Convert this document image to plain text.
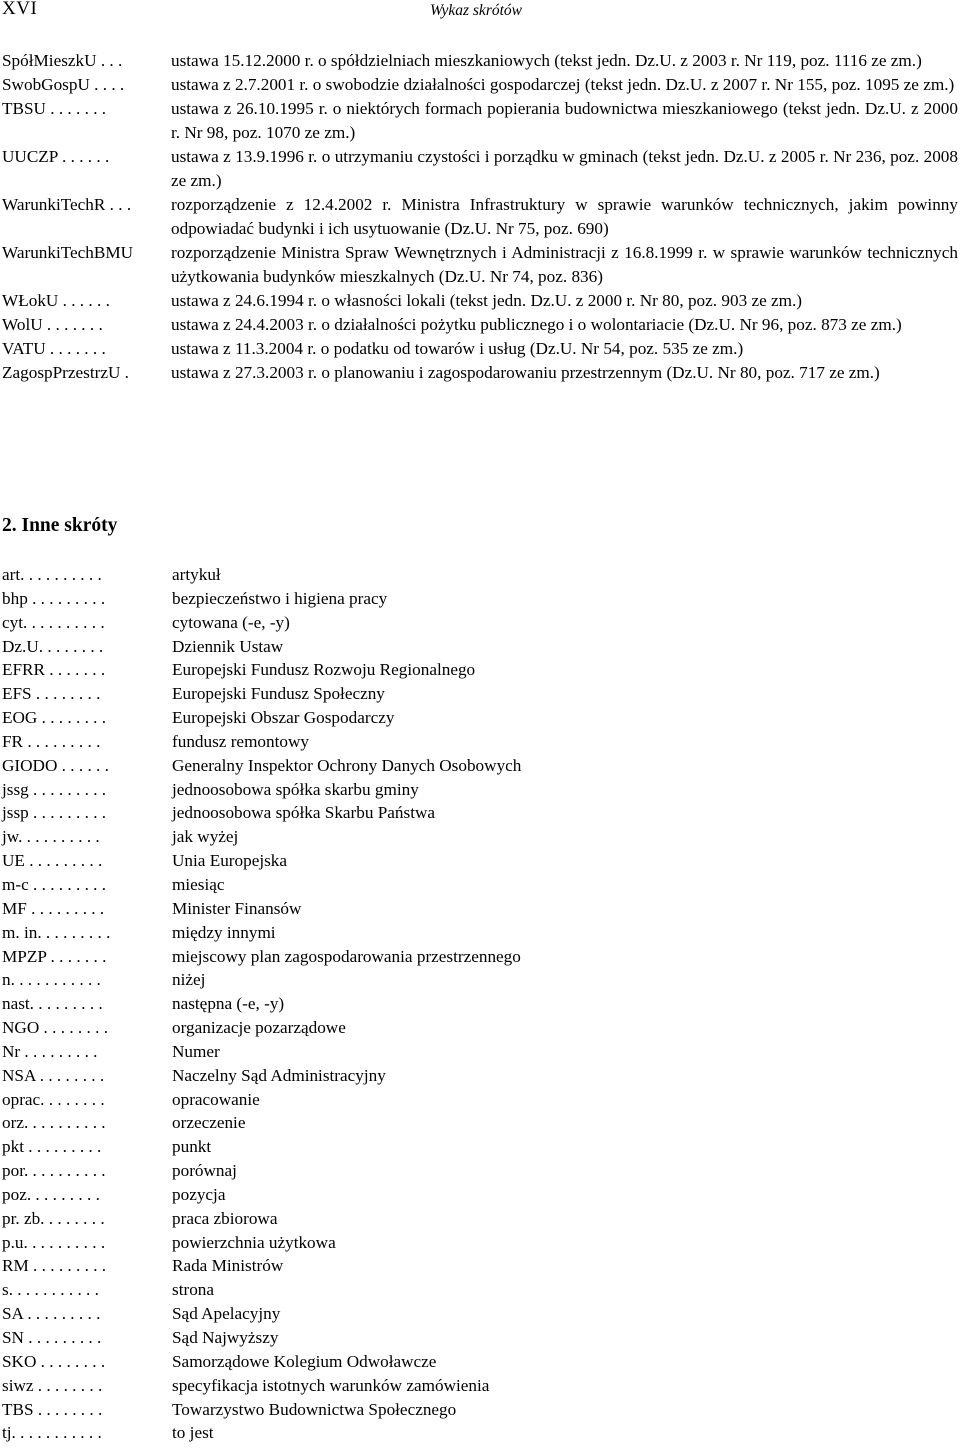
XVI	Wykaz skrótów
SpółMieszkU . . .	ustawa 15.12.2000 r. o spółdzielniach mieszkaniowych (tekst jedn. Dz.U. z 2003 r. Nr 119, poz. 1116 ze zm.)
SwobGospU . . . .	ustawa z 2.7.2001 r. o swobodzie działalności gospodarczej (tekst jedn. Dz.U. z 2007 r. Nr 155, poz. 1095 ze zm.)
TBSU . . . . . . .	ustawa z 26.10.1995 r. o niektórych formach popierania budownictwa mieszkaniowego (tekst jedn. Dz.U. z 2000 r. Nr 98, poz. 1070 ze zm.)
UUCZP . . . . . .	ustawa z 13.9.1996 r. o utrzymaniu czystości i porządku w gminach (tekst jedn. Dz.U. z 2005 r. Nr 236, poz. 2008 ze zm.)
WarunkiTechR . . . rozporządzenie z 12.4.2002 r. Ministra Infrastruktury w sprawie warunków technicznych, jakim powinny odpowiadać budynki i ich usytuowanie (Dz.U. Nr 75, poz. 690)
WarunkiTechBMU rozporządzenie Ministra Spraw Wewnętrznych i Administracji z 16.8.1999 r. w sprawie warunków technicznych użytkowania budynków mieszkalnych (Dz.U. Nr 74, poz. 836)
WŁokU . . . . . .	ustawa z 24.6.1994 r. o własności lokali (tekst jedn. Dz.U. z 2000 r. Nr 80, poz. 903 ze zm.)
WolU . . . . . . .	ustawa z 24.4.2003 r. o działalności pożytku publicznego i o wolontariacie (Dz.U. Nr 96, poz. 873 ze zm.)
VATU . . . . . . .	ustawa z 11.3.2004 r. o podatku od towarów i usług (Dz.U. Nr 54, poz. 535 ze zm.)
ZagospPrzestrzU . ustawa z 27.3.2003 r. o planowaniu i zagospodarowaniu przestrzennym (Dz.U. Nr 80, poz. 717 ze zm.)
2. Inne skróty
art. . . . . . . . . .	artykuł
bhp . . . . . . . . .	bezpieczeństwo i higiena pracy
cyt. . . . . . . . . .	cytowana (-e, -y)
Dz.U. . . . . . . .	Dziennik Ustaw
EFRR . . . . . . .	Europejski Fundusz Rozwoju Regionalnego
EFS . . . . . . . .	Europejski Fundusz Społeczny
EOG . . . . . . . .	Europejski Obszar Gospodarczy
FR . . . . . . . . .	fundusz remontowy
GIODO . . . . . .	Generalny Inspektor Ochrony Danych Osobowych
jssg . . . . . . . . .	jednoosobowa spółka skarbu gminy
jssp . . . . . . . . .	jednoosobowa spółka Skarbu Państwa
jw. . . . . . . . . .	jak wyżej
UE . . . . . . . . .	Unia Europejska
m-c . . . . . . . . .	miesiąc
MF . . . . . . . . .	Minister Finansów
m. in. . . . . . . . .	między innymi
MPZP . . . . . . .	miejscowy plan zagospodarowania przestrzennego
n. . . . . . . . . . .	niżej
nast. . . . . . . . .	następna (-e, -y)
NGO . . . . . . . .	organizacje pozarządowe
Nr . . . . . . . . .	Numer
NSA . . . . . . . .	Naczelny Sąd Administracyjny
oprac. . . . . . . .	opracowanie
orz. . . . . . . . . .	orzeczenie
pkt . . . . . . . . .	punkt
por. . . . . . . . . .	porównaj
poz. . . . . . . . .	pozycja
pr. zb. . . . . . . .	praca zbiorowa
p.u. . . . . . . . . .	powierzchnia użytkowa
RM . . . . . . . . .	Rada Ministrów
s. . . . . . . . . . .	strona
SA . . . . . . . . .	Sąd Apelacyjny
SN . . . . . . . . .	Sąd Najwyższy
SKO . . . . . . . .	Samorządowe Kolegium Odwoławcze
siwz . . . . . . . .	specyfikacja istotnych warunków zamówienia
TBS . . . . . . . .	Towarzystwo Budownictwa Społecznego
tj. . . . . . . . . . .	to jest
